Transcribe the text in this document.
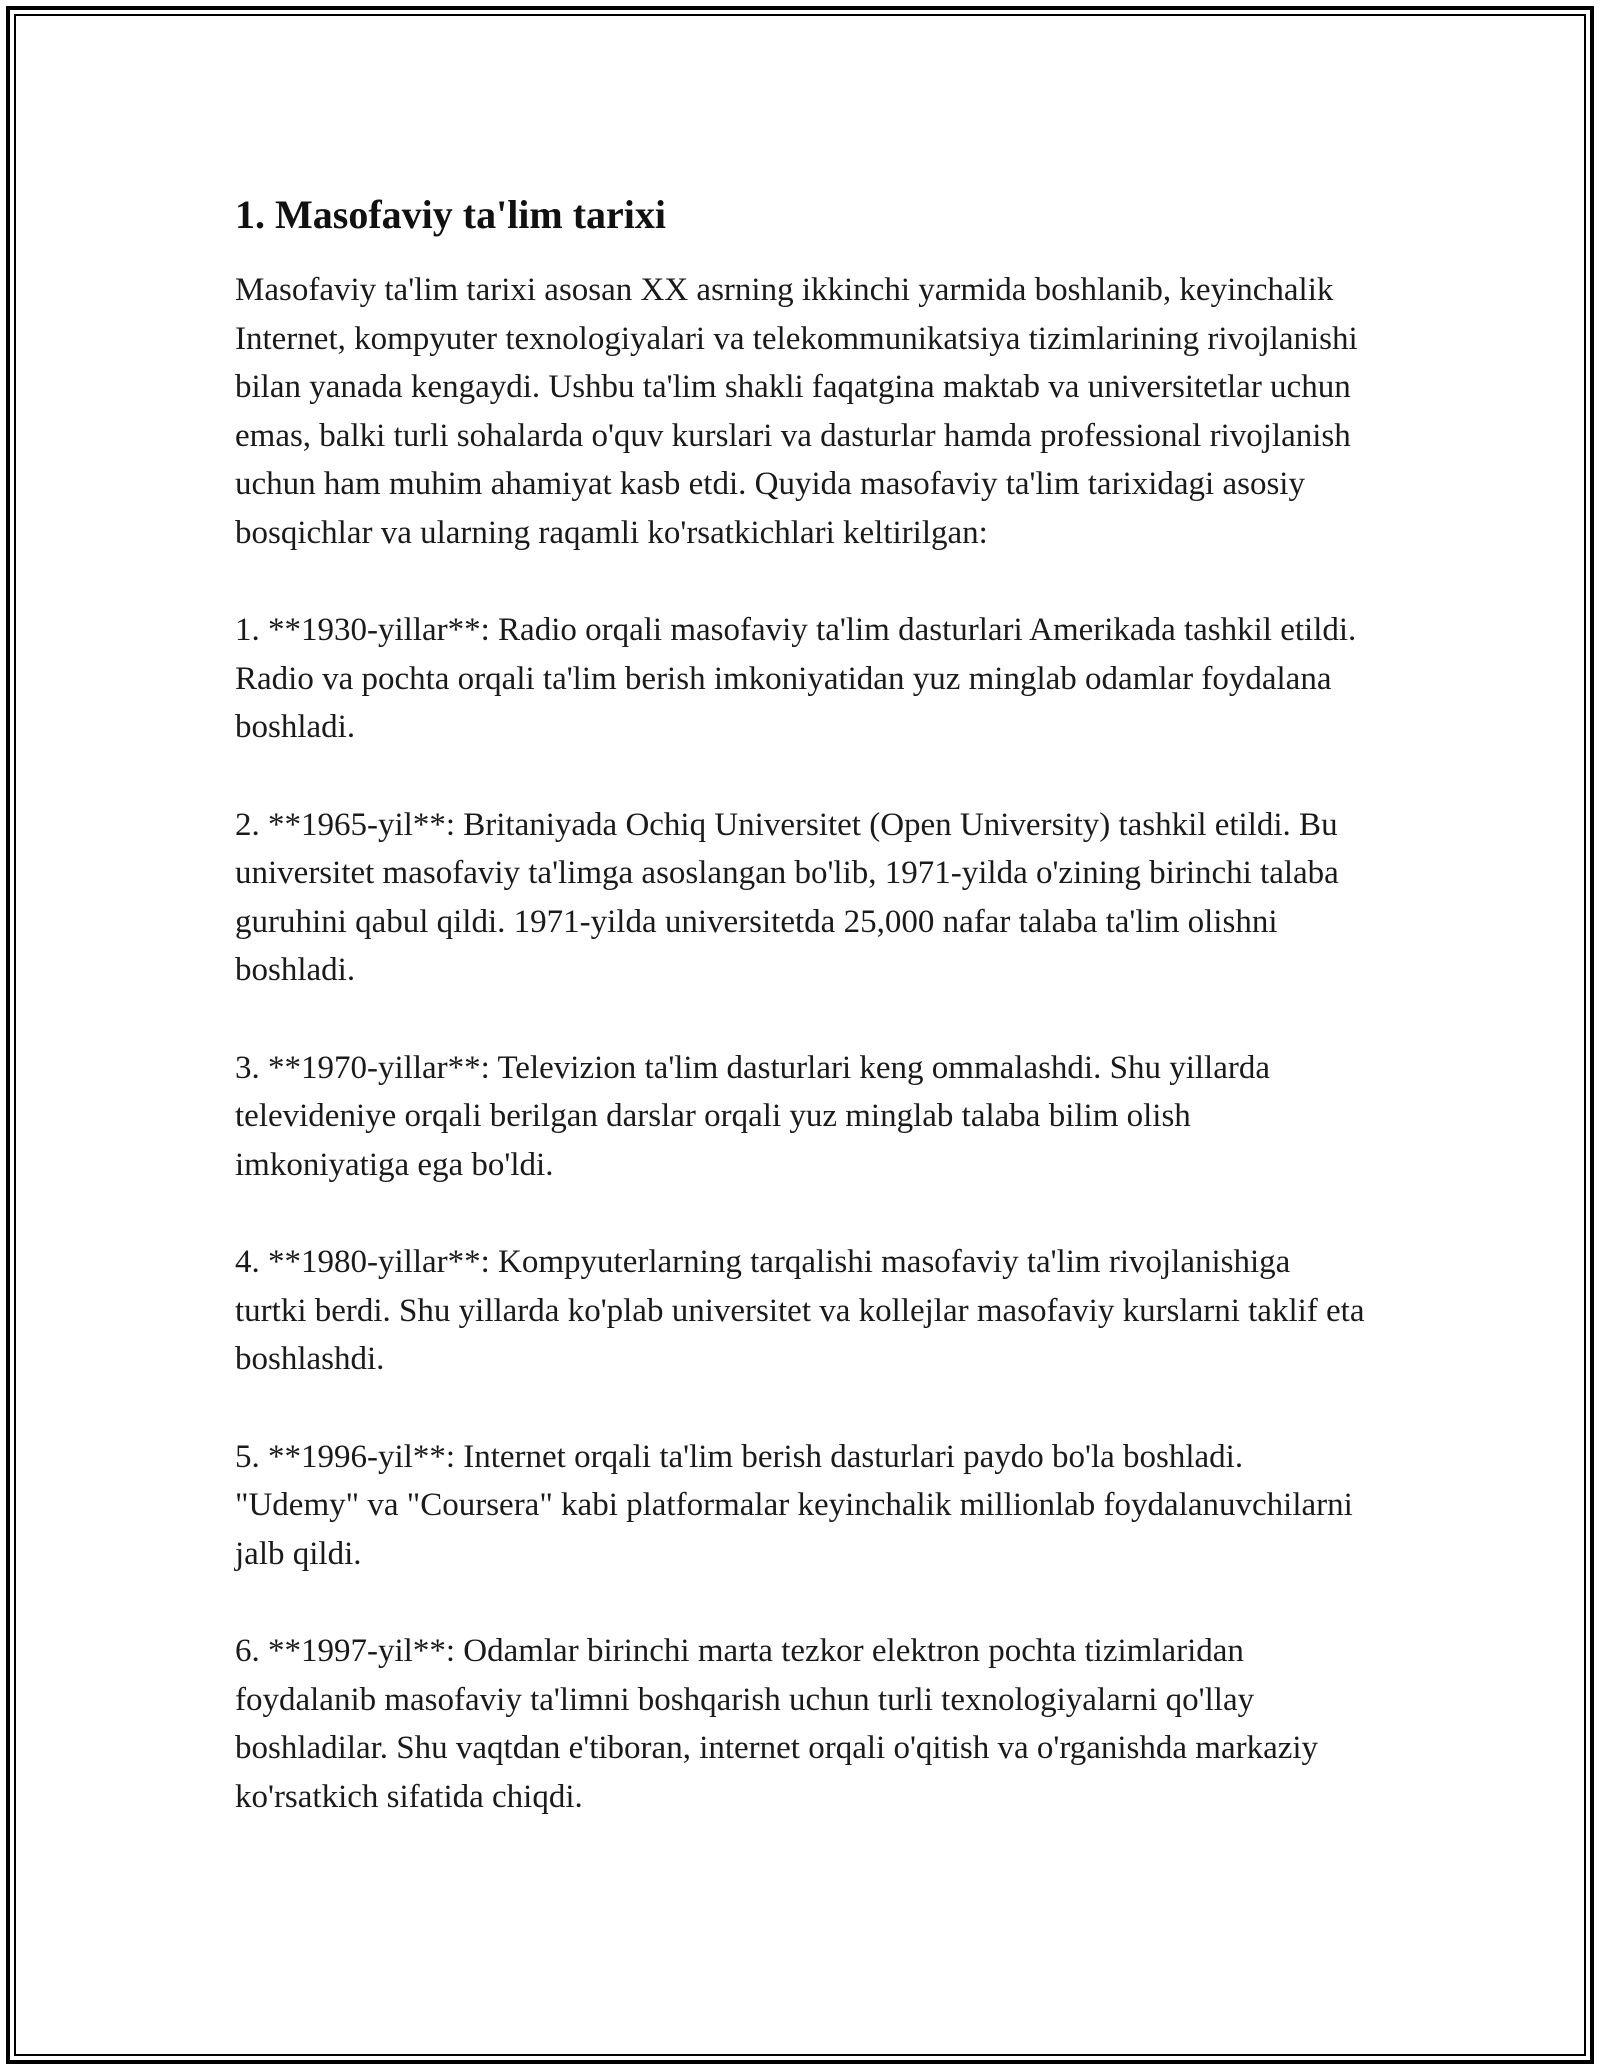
1. Masofaviy ta'lim tarixi

Masofaviy ta'lim tarixi asosan XX asrning ikkinchi yarmida boshlanib, keyinchalik Internet, kompyuter texnologiyalari va telekommunikatsiya tizimlarining rivojlanishi bilan yanada kengaydi. Ushbu ta'lim shakli faqatgina maktab va universitetlar uchun emas, balki turli sohalarda o'quv kurslari va dasturlar hamda professional rivojlanish uchun ham muhim ahamiyat kasb etdi. Quyida masofaviy ta'lim tarixidagi asosiy bosqichlar va ularning raqamli ko'rsatkichlari keltirilgan:

1. **1930-yillar**: Radio orqali masofaviy ta'lim dasturlari Amerikada tashkil etildi. Radio va pochta orqali ta'lim berish imkoniyatidan yuz minglab odamlar foydalana boshladi.

2. **1965-yil**: Britaniyada Ochiq Universitet (Open University) tashkil etildi. Bu universitet masofaviy ta'limga asoslangan bo'lib, 1971-yilda o'zining birinchi talaba guruhini qabul qildi. 1971-yilda universitetda 25,000 nafar talaba ta'lim olishni boshladi.

3. **1970-yillar**: Televizion ta'lim dasturlari keng ommalashdi. Shu yillarda televideniye orqali berilgan darslar orqali yuz minglab talaba bilim olish imkoniyatiga ega bo'ldi.

4. **1980-yillar**: Kompyuterlarning tarqalishi masofaviy ta'lim rivojlanishiga turtki berdi. Shu yillarda ko'plab universitet va kollejlar masofaviy kurslarni taklif eta boshlashdi.

5. **1996-yil**: Internet orqali ta'lim berish dasturlari paydo bo'la boshladi. "Udemy" va "Coursera" kabi platformalar keyinchalik millionlab foydalanuvchilarni jalb qildi.

6. **1997-yil**: Odamlar birinchi marta tezkor elektron pochta tizimlaridan foydalanib masofaviy ta'limni boshqarish uchun turli texnologiyalarni qo'llay boshladilar. Shu vaqtdan e'tiboran, internet orqali o'qitish va o'rganishda markaziy ko'rsatkich sifatida chiqdi.
